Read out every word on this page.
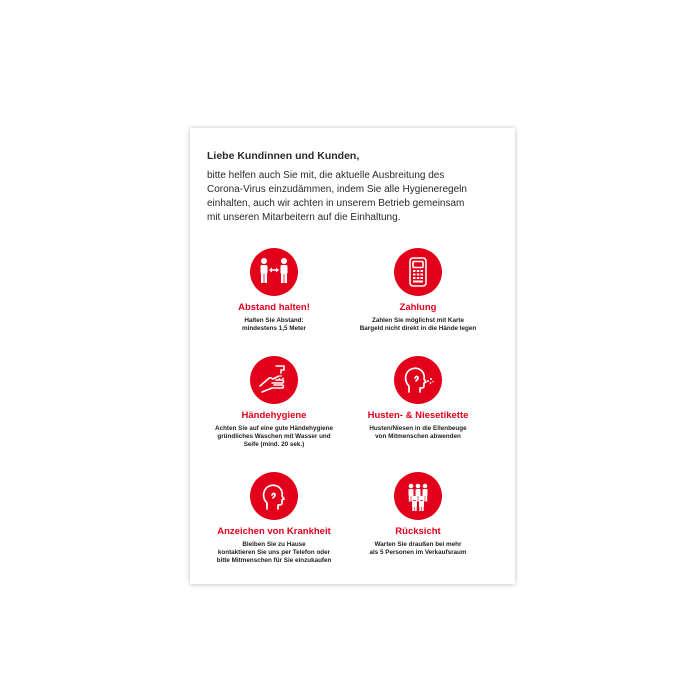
Liebe Kundinnen und Kunden,
bitte helfen auch Sie mit, die aktuelle Ausbreitung des
Corona-Virus einzudämmen, indem Sie alle Hygieneregeln
einhalten, auch wir achten in unserem Betrieb gemeinsam
mit unseren Mitarbeitern auf die Einhaltung.
Abstand halten!
Halten Sie Abstand:
mindestens 1,5 Meter
Zahlung
Zahlen Sie möglichst mit Karte
Bargeld nicht direkt in die Hände legen
Händehygiene
Achten Sie auf eine gute Händehygiene
gründliches Waschen mit Wasser und
Seife (mind. 20 sek.)
Husten- & Niesetikette
Husten/Niesen in die Ellenbeuge
von Mitmenschen abwenden
Anzeichen von Krankheit
Bleiben Sie zu Hause
kontaktieren Sie uns per Telefon oder
bitte Mitmenschen für Sie einzukaufen
Rücksicht
Warten Sie draußen bei mehr
als 5 Personen im Verkaufsraum
